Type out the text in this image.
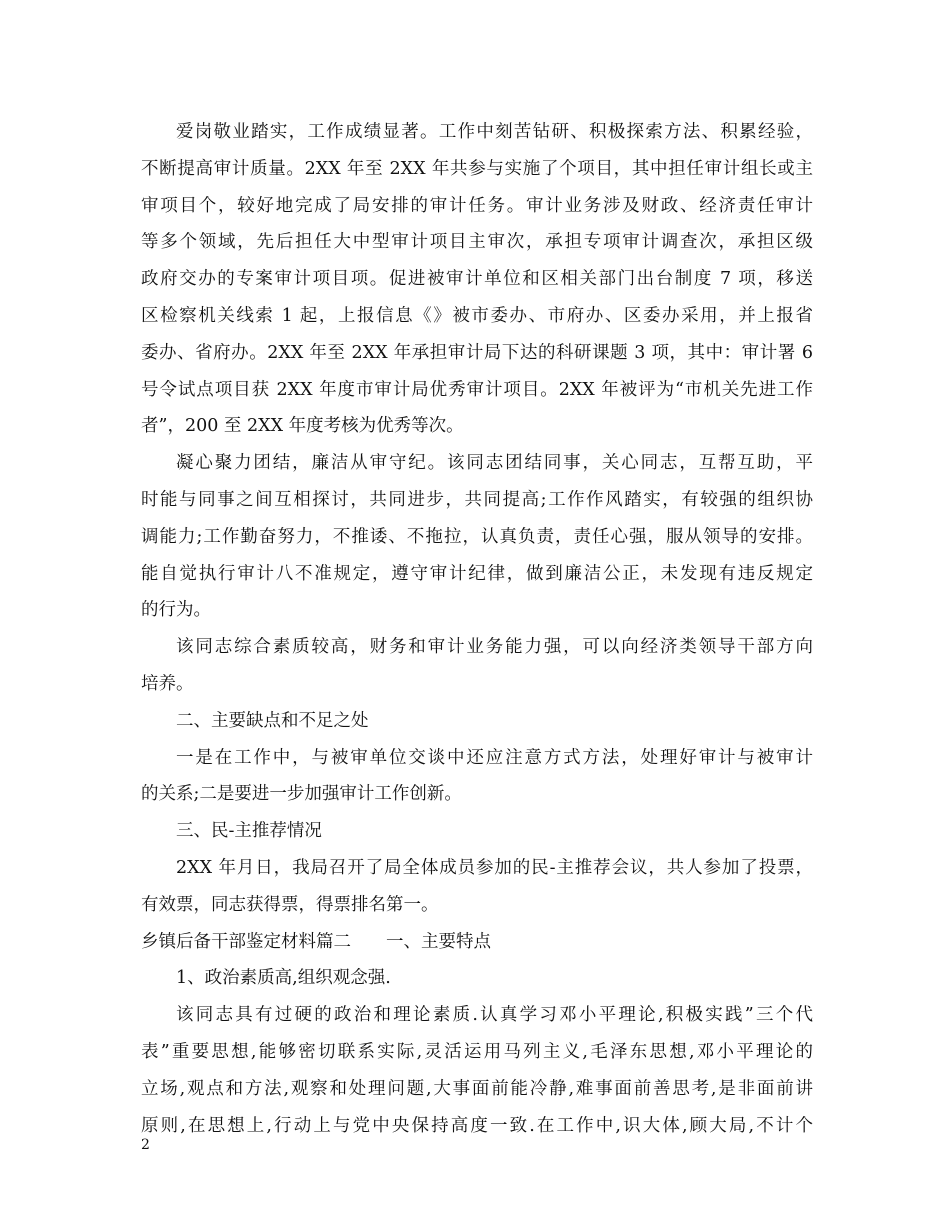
爱岗敬业踏实，工作成绩显著。工作中刻苦钻研、积极探索方法、积累经验，
不断提高审计质量。2XX 年至 2XX 年共参与实施了个项目，其中担任审计组长或主
审项目个，较好地完成了局安排的审计任务。审计业务涉及财政、经济责任审计
等多个领域，先后担任大中型审计项目主审次，承担专项审计调查次，承担区级
政府交办的专案审计项目项。促进被审计单位和区相关部门出台制度 7 项，移送
区检察机关线索 1 起，上报信息《》被市委办、市府办、区委办采用，并上报省
委办、省府办。2XX 年至 2XX 年承担审计局下达的科研课题 3 项，其中：审计署 6
号令试点项目获 2XX 年度市审计局优秀审计项目。2XX 年被评为“市机关先进工作
者”，200 至 2XX 年度考核为优秀等次。
凝心聚力团结，廉洁从审守纪。该同志团结同事，关心同志，互帮互助，平
时能与同事之间互相探讨，共同进步，共同提高;工作作风踏实，有较强的组织协
调能力;工作勤奋努力，不推诿、不拖拉，认真负责，责任心强，服从领导的安排。
能自觉执行审计八不准规定，遵守审计纪律，做到廉洁公正，未发现有违反规定
的行为。
该同志综合素质较高，财务和审计业务能力强，可以向经济类领导干部方向
培养。
二、主要缺点和不足之处
一是在工作中，与被审单位交谈中还应注意方式方法，处理好审计与被审计
的关系;二是要进一步加强审计工作创新。
三、民-主推荐情况
2XX 年月日，我局召开了局全体成员参加的民-主推荐会议，共人参加了投票，
有效票，同志获得票，得票排名第一。
乡镇后备干部鉴定材料篇二　　一、主要特点
1、政治素质高,组织观念强.
该同志具有过硬的政治和理论素质.认真学习邓小平理论,积极实践”三个代
表”重要思想,能够密切联系实际,灵活运用马列主义,毛泽东思想,邓小平理论的
立场,观点和方法,观察和处理问题,大事面前能冷静,难事面前善思考,是非面前讲
原则,在思想上,行动上与党中央保持高度一致.在工作中,识大体,顾大局,不计个
2
